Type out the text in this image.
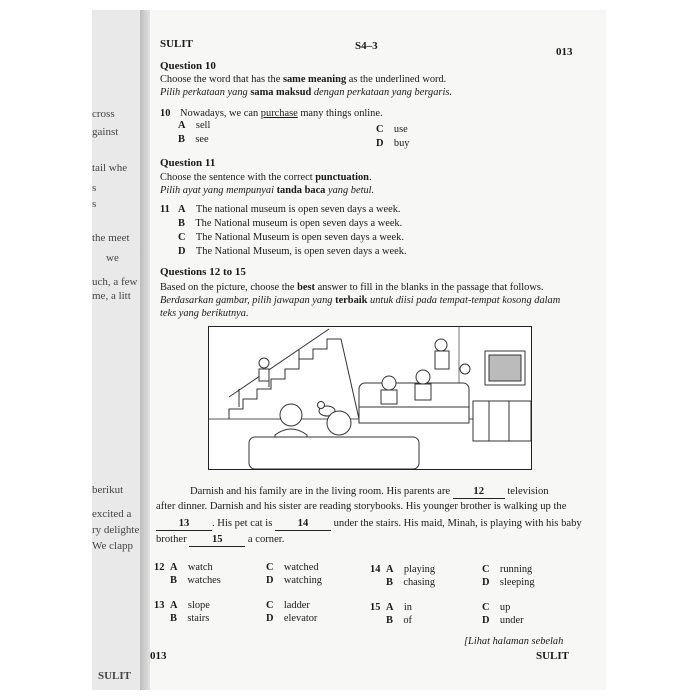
cross
gainst
tail whe
s
s
the meet
we
uch, a few
me, a litt
berikut
excited a
ry delighte
We clapp
SULIT
SULIT	S4–3	013
Question 10
Choose the word that has the same meaning as the underlined word.
Pilih perkataan yang sama maksud dengan perkataan yang bergaris.
10 Nowadays, we can purchase many things online.
A sell
B see
C use
D buy
Question 11
Choose the sentence with the correct punctuation.
Pilih ayat yang mempunyai tanda baca yang betul.
11 A The national museum is open seven days a week.
B The National museum is open seven days a week.
C The National Museum is open seven days a week.
D The National Museum, is open seven days a week.
Questions 12 to 15
Based on the picture, choose the best answer to fill in the blanks in the passage that follows.
Berdasarkan gambar, pilih jawapan yang terbaik untuk diisi pada tempat-tempat kosong dalam
teks yang berikutnya.
Darnish and his family are in the living room. His parents are 12 television
after dinner. Darnish and his sister are reading storybooks. His younger brother is walking up the
13 . His pet cat is 14 under the stairs. His maid, Minah, is playing with his baby
brother 15 a corner.
12 A watch
B watches
C watched
D watching
14 A playing
B chasing
C running
D sleeping
13 A slope
B stairs
C ladder
D elevator
15 A in
B of
C up
D under
[Lihat halaman sebelah
SULIT
013
